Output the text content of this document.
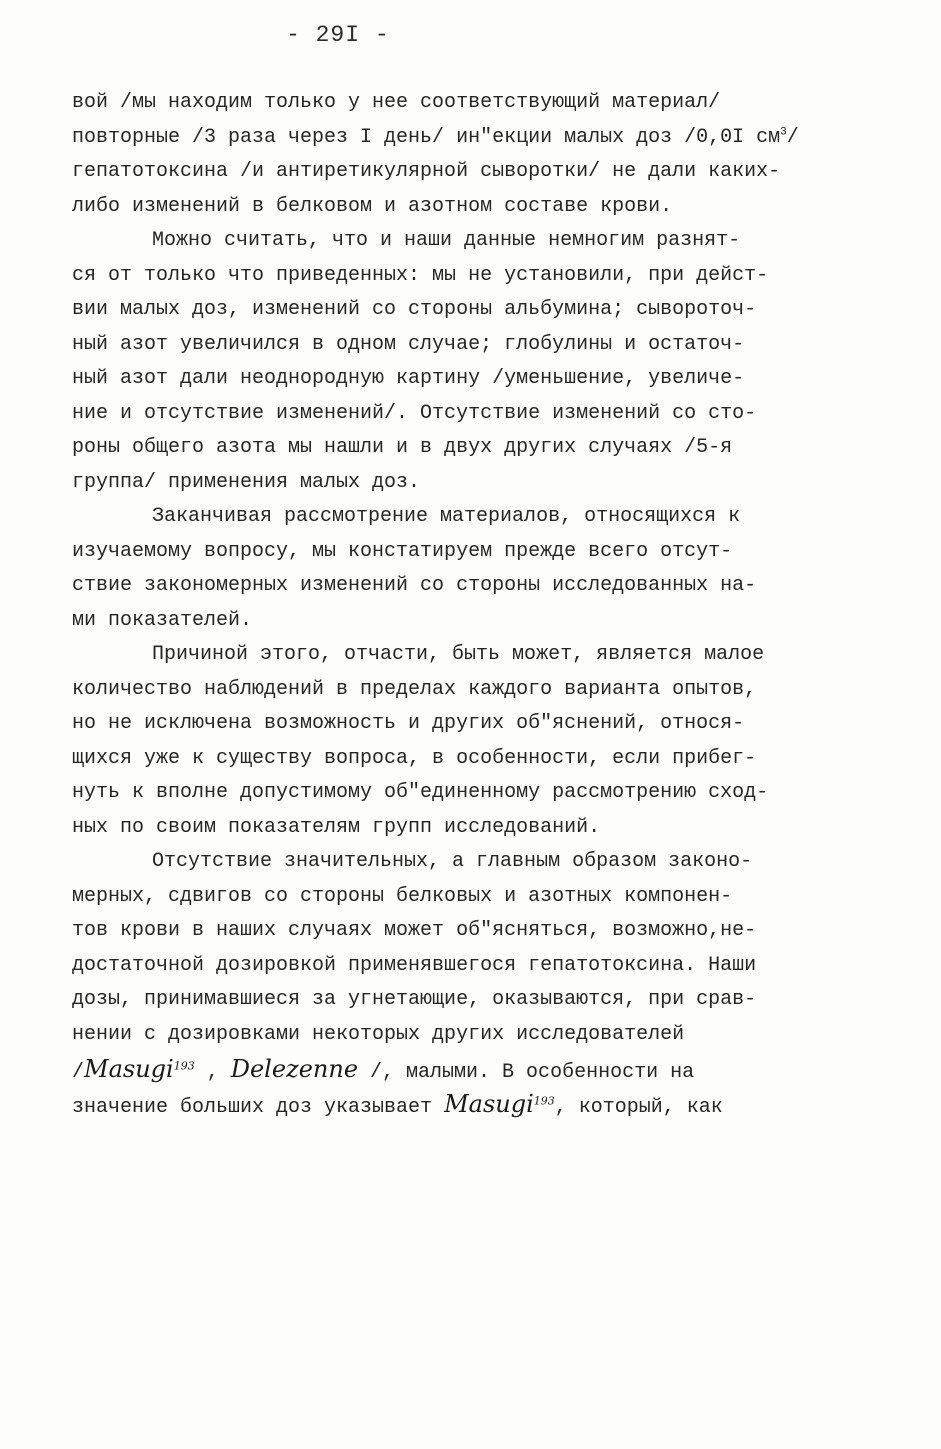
- 29I -
вой /мы находим только у нее соответствующий материал/
повторные /3 раза через I день/ ин"екции малых доз /0,0I $см^3/$
гепатотоксина /и антиретикулярной сыворотки/ не дали каких-
либо изменений в белковом и азотном составе крови.
Можно считать, что и наши данные немногим разнят-
ся от только что приведенных: мы не установили, при дейст-
вии малых доз, изменений со стороны альбумина; сывороточ-
ный азот увеличился в одном случае; глобулины и остаточ-
ный азот дали неоднородную картину /уменьшение, увеличе-
ние и отсутствие изменений/. Отсутствие изменений со сто-
роны общего азота мы нашли и в двух других случаях /5-я
группа/ применения малых доз.
Заканчивая рассмотрение материалов, относящихся к
изучаемому вопросу, мы констатируем прежде всего отсут-
ствие закономерных изменений со стороны исследованных на-
ми показателей.
Причиной этого, отчасти, быть может, является малое
количество наблюдений в пределах каждого варианта опытов,
но не исключена возможность и других об"яснений, относя-
щихся уже к существу вопроса, в особенности, если прибег-
нуть к вполне допустимому об"единенному рассмотрению сход-
ных по своим показателям групп исследований.
Отсутствие значительных, а главным образом законо-
мерных, сдвигов со стороны белковых и азотных компонен-
тов крови в наших случаях может об"ясняться, возможно,не-
достаточной дозировкой применявшегося гепатотоксина. Наши
дозы, принимавшиеся за угнетающие, оказываются, при срав-
нении с дозировками некоторых других исследователей
/Masugi$^{193}$ , Delezenne /, малыми. В особенности на
значение больших доз указывает Masugi$^{193}$, который, как
